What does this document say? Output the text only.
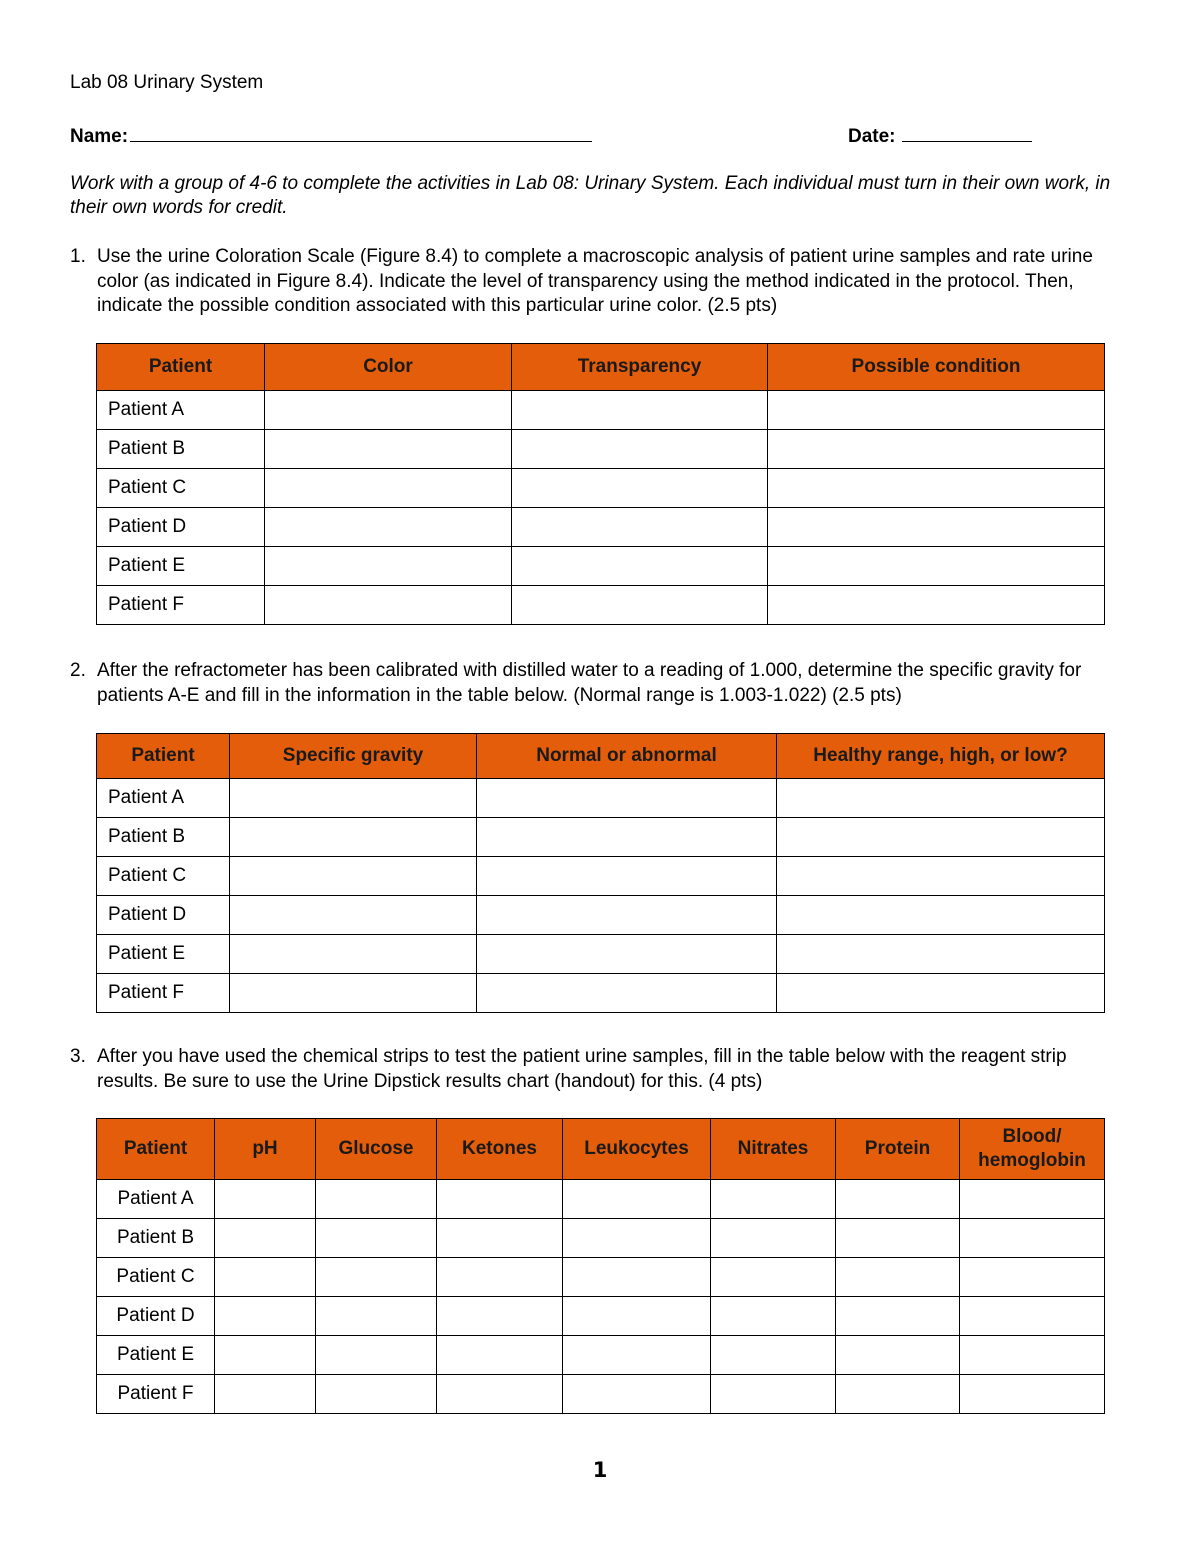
Lab 08 Urinary System
Name:	Date:
Work with a group of 4-6 to complete the activities in Lab 08: Urinary System. Each individual must turn in their own work, in their own words for credit.
1. Use the urine Coloration Scale (Figure 8.4) to complete a macroscopic analysis of patient urine samples and rate urine color (as indicated in Figure 8.4). Indicate the level of transparency using the method indicated in the protocol. Then, indicate the possible condition associated with this particular urine color. (2.5 pts)
Patient	Color	Transparency	Possible condition
Patient A			
Patient B			
Patient C			
Patient D			
Patient E			
Patient F			
2. After the refractometer has been calibrated with distilled water to a reading of 1.000, determine the specific gravity for patients A-E and fill in the information in the table below. (Normal range is 1.003-1.022) (2.5 pts)
Patient	Specific gravity	Normal or abnormal	Healthy range, high, or low?
Patient A			
Patient B			
Patient C			
Patient D			
Patient E			
Patient F			
3. After you have used the chemical strips to test the patient urine samples, fill in the table below with the reagent strip results. Be sure to use the Urine Dipstick results chart (handout) for this. (4 pts)
Patient	pH	Glucose	Ketones	Leukocytes	Nitrates	Protein	Blood/ hemoglobin
Patient A							
Patient B							
Patient C							
Patient D							
Patient E							
Patient F							
1
